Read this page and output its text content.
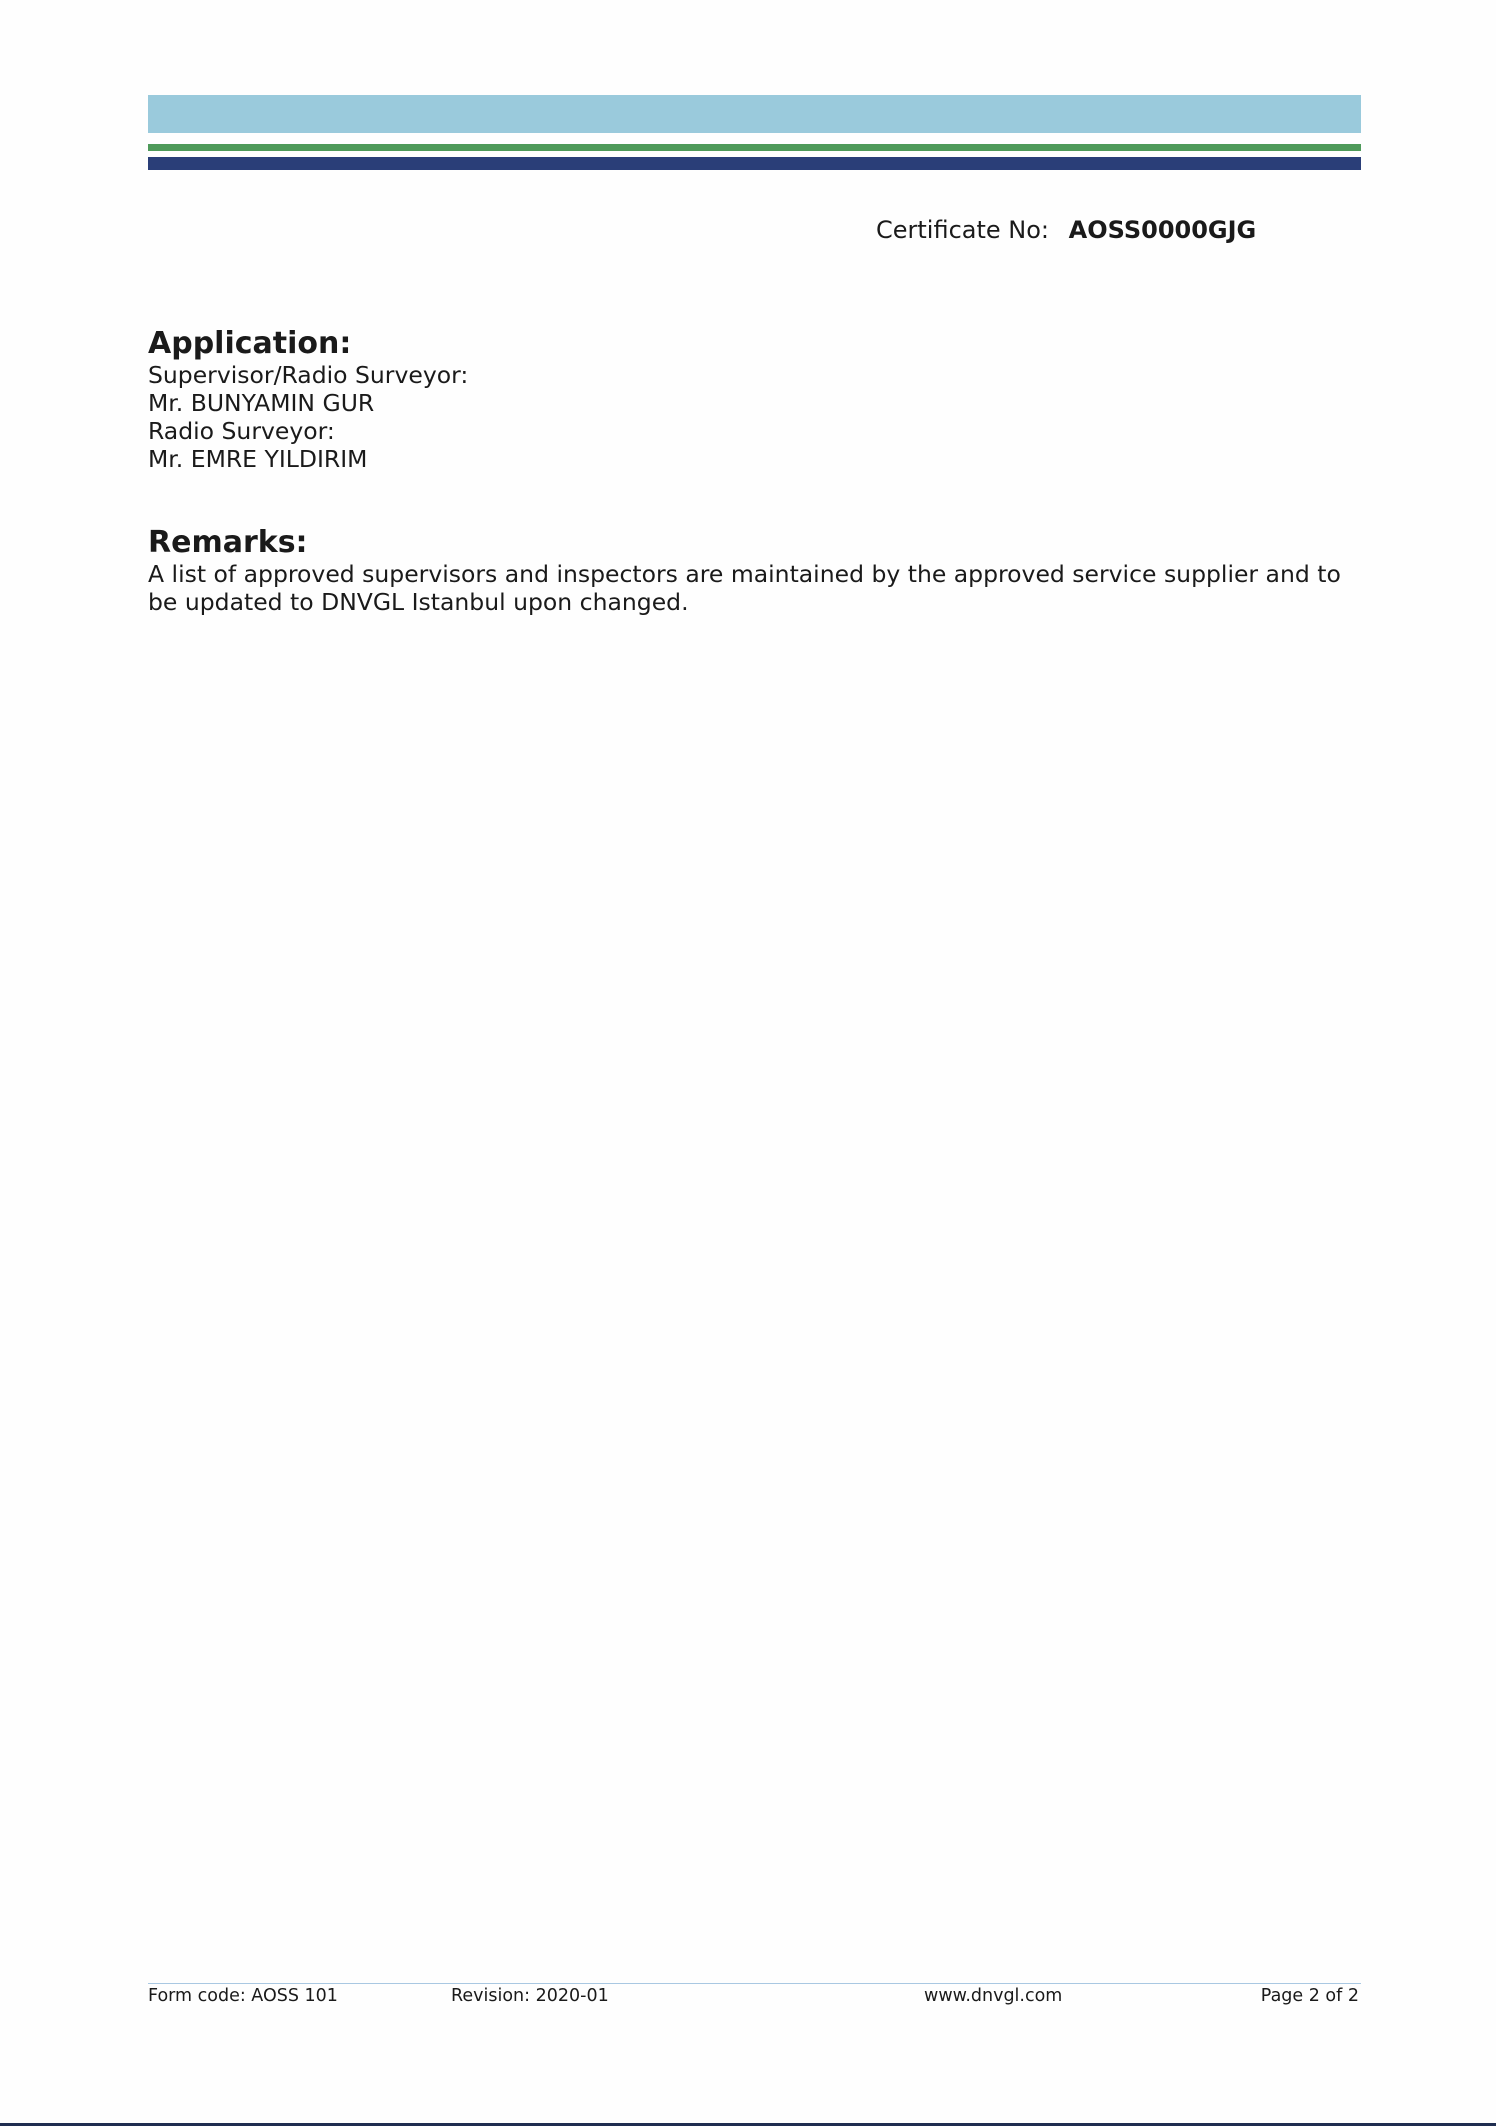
Certificate No: AOSS0000GJG
Application:
Supervisor/Radio Surveyor:
Mr. BUNYAMIN GUR
Radio Surveyor:
Mr. EMRE YILDIRIM
Remarks:
A list of approved supervisors and inspectors are maintained by the approved service supplier and to be updated to DNVGL Istanbul upon changed.
Form code: AOSS 101	Revision: 2020-01	www.dnvgl.com	Page 2 of 2
